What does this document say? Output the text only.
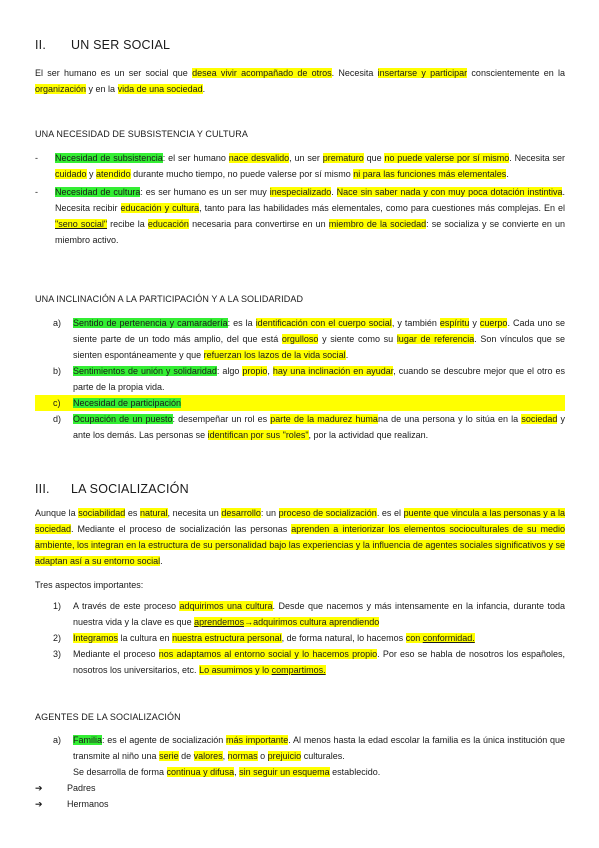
II. UN SER SOCIAL
El ser humano es un ser social que desea vivir acompañado de otros. Necesita insertarse y participar conscientemente en la organización y en la vida de una sociedad.
UNA NECESIDAD DE SUBSISTENCIA Y CULTURA
- Necesidad de subsistencia: el ser humano nace desvalido, un ser prematuro que no puede valerse por sí mismo. Necesita ser cuidado y atendido durante mucho tiempo, no puede valerse por sí mismo ni para las funciones más elementales.
- Necesidad de cultura: es ser humano es un ser muy inespecializado. Nace sin saber nada y con muy poca dotación instintiva. Necesita recibir educación y cultura, tanto para las habilidades más elementales, como para cuestiones más complejas. En el "seno social" recibe la educación necesaria para convertirse en un miembro de la sociedad: se socializa y se convierte en un miembro activo.
UNA INCLINACIÓN A LA PARTICIPACIÓN Y A LA SOLIDARIDAD
a) Sentido de pertenencia y camaradería: es la identificación con el cuerpo social, y también espíritu y cuerpo. Cada uno se siente parte de un todo más amplio, del que está orgulloso y siente como su lugar de referencia. Son vínculos que se sienten espontáneamente y que refuerzan los lazos de la vida social.
b) Sentimientos de unión y solidaridad: algo propio, hay una inclinación en ayudar, cuando se descubre mejor que el otro es parte de la propia vida.
c) Necesidad de participación
d) Ocupación de un puesto: desempeñar un rol es parte de la madurez humana de una persona y lo sitúa en la sociedad y ante los demás. Las personas se identifican por sus "roles", por la actividad que realizan.
III. LA SOCIALIZACIÓN
Aunque la sociabilidad es natural, necesita un desarrollo: un proceso de socialización. es el puente que vincula a las personas y a la sociedad. Mediante el proceso de socialización las personas aprenden a interiorizar los elementos socioculturales de su medio ambiente, los integran en la estructura de su personalidad bajo las experiencias y la influencia de agentes sociales significativos y se adaptan así a su entorno social.
Tres aspectos importantes:
1) A través de este proceso adquirimos una cultura. Desde que nacemos y más intensamente en la infancia, durante toda nuestra vida y la clave es que aprendemos→adquirimos cultura aprendiendo
2) Integramos la cultura en nuestra estructura personal, de forma natural, lo hacemos con conformidad.
3) Mediante el proceso nos adaptamos al entorno social y lo hacemos propio. Por eso se habla de nosotros los españoles, nosotros los universitarios, etc. Lo asumimos y lo compartimos.
AGENTES DE LA SOCIALIZACIÓN
a) Familia: es el agente de socialización más importante. Al menos hasta la edad escolar la familia es la única institución que transmite al niño una serie de valores, normas o prejuicio culturales.
Se desarrolla de forma continua y difusa, sin seguir un esquema establecido.
➔	Padres
➔	Hermanos
